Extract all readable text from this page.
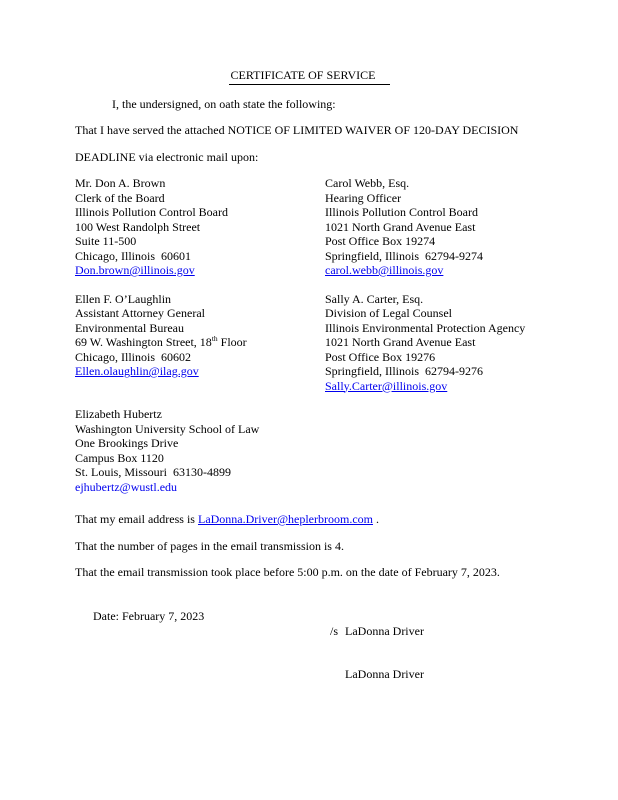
CERTIFICATE OF SERVICE

I, the undersigned, on oath state the following:

That I have served the attached NOTICE OF LIMITED WAIVER OF 120-DAY DECISION

DEADLINE via electronic mail upon:

Mr. Don A. Brown
Clerk of the Board
Illinois Pollution Control Board
100 West Randolph Street
Suite 11-500
Chicago, Illinois  60601
Don.brown@illinois.gov
Carol Webb, Esq.
Hearing Officer
Illinois Pollution Control Board
1021 North Grand Avenue East
Post Office Box 19274
Springfield, Illinois  62794-9274
carol.webb@illinois.gov
Ellen F. O’Laughlin
Assistant Attorney General
Environmental Bureau
69 W. Washington Street, 18th Floor
Chicago, Illinois  60602
Ellen.olaughlin@ilag.gov
Sally A. Carter, Esq.
Division of Legal Counsel
Illinois Environmental Protection Agency
1021 North Grand Avenue East
Post Office Box 19276
Springfield, Illinois  62794-9276
Sally.Carter@illinois.gov
Elizabeth Hubertz
Washington University School of Law
One Brookings Drive
Campus Box 1120
St. Louis, Missouri  63130-4899
ejhubertz@wustl.edu

That my email address is LaDonna.Driver@heplerbroom.com .

That the number of pages in the email transmission is 4.

That the email transmission took place before 5:00 p.m. on the date of February 7, 2023.

Date: February 7, 2023

/s LaDonna Driver

LaDonna Driver
